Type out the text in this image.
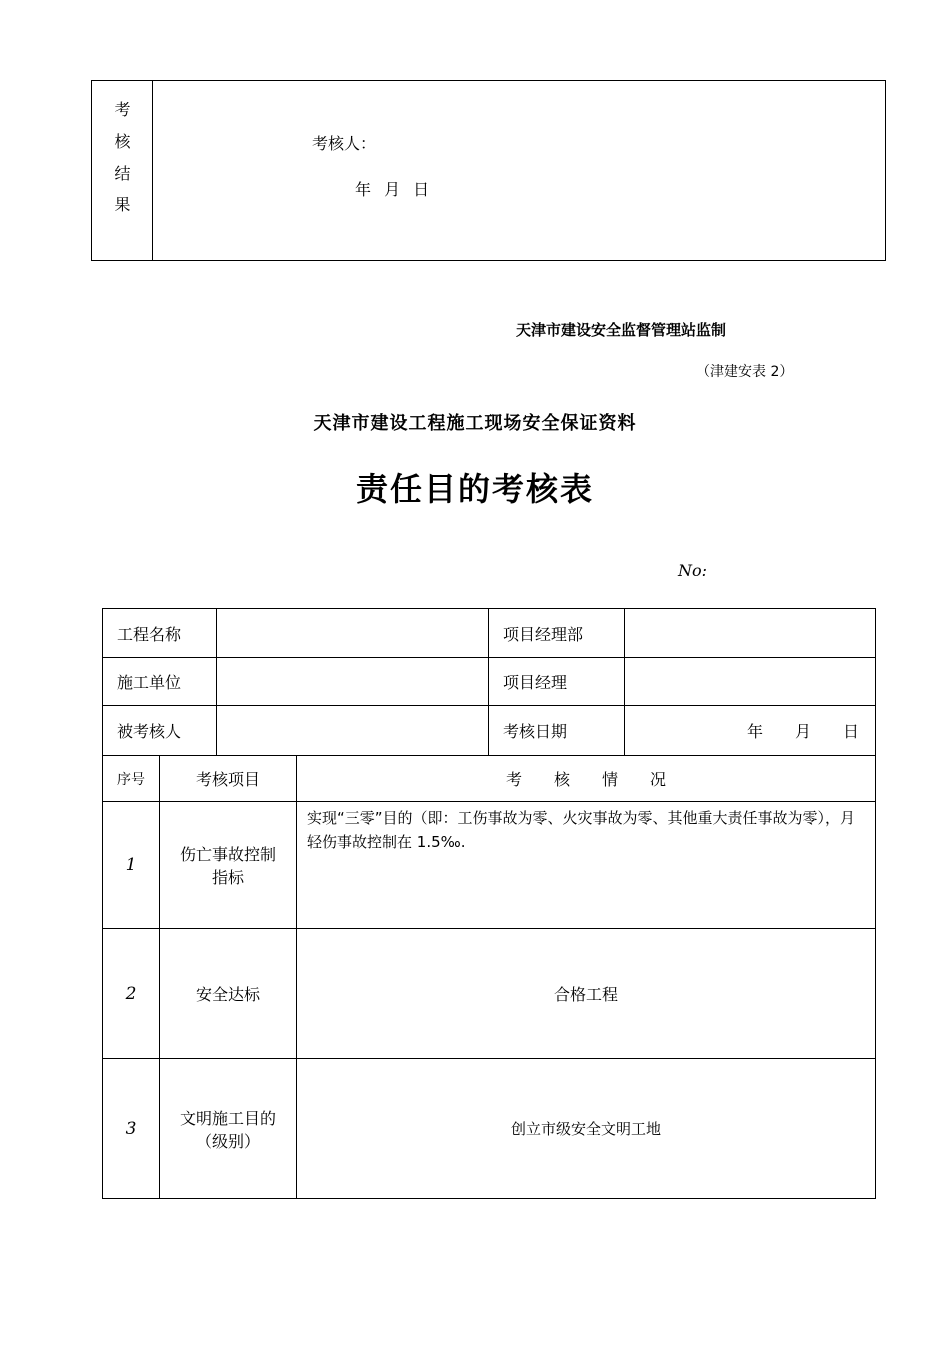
考
核
结
果
考核人：
年 月 日
天津市建设安全监督管理站监制
（津建安表 2）
天津市建设工程施工现场安全保证资料
责任目的考核表
No:
工程名称				项目经理部	
施工单位				项目经理	
被考核人				考核日期	年　　月　　日
序号	考核项目		考　　核　　情　　况		
1	伤亡事故控制指标		实现“三零”目的（即：工伤事故为零、火灾事故为零、其他重大责任事故为零），月轻伤事故控制在 1.5‰.		
2	安全达标		合格工程		
3	文明施工目的（级别）		创立市级安全文明工地		
